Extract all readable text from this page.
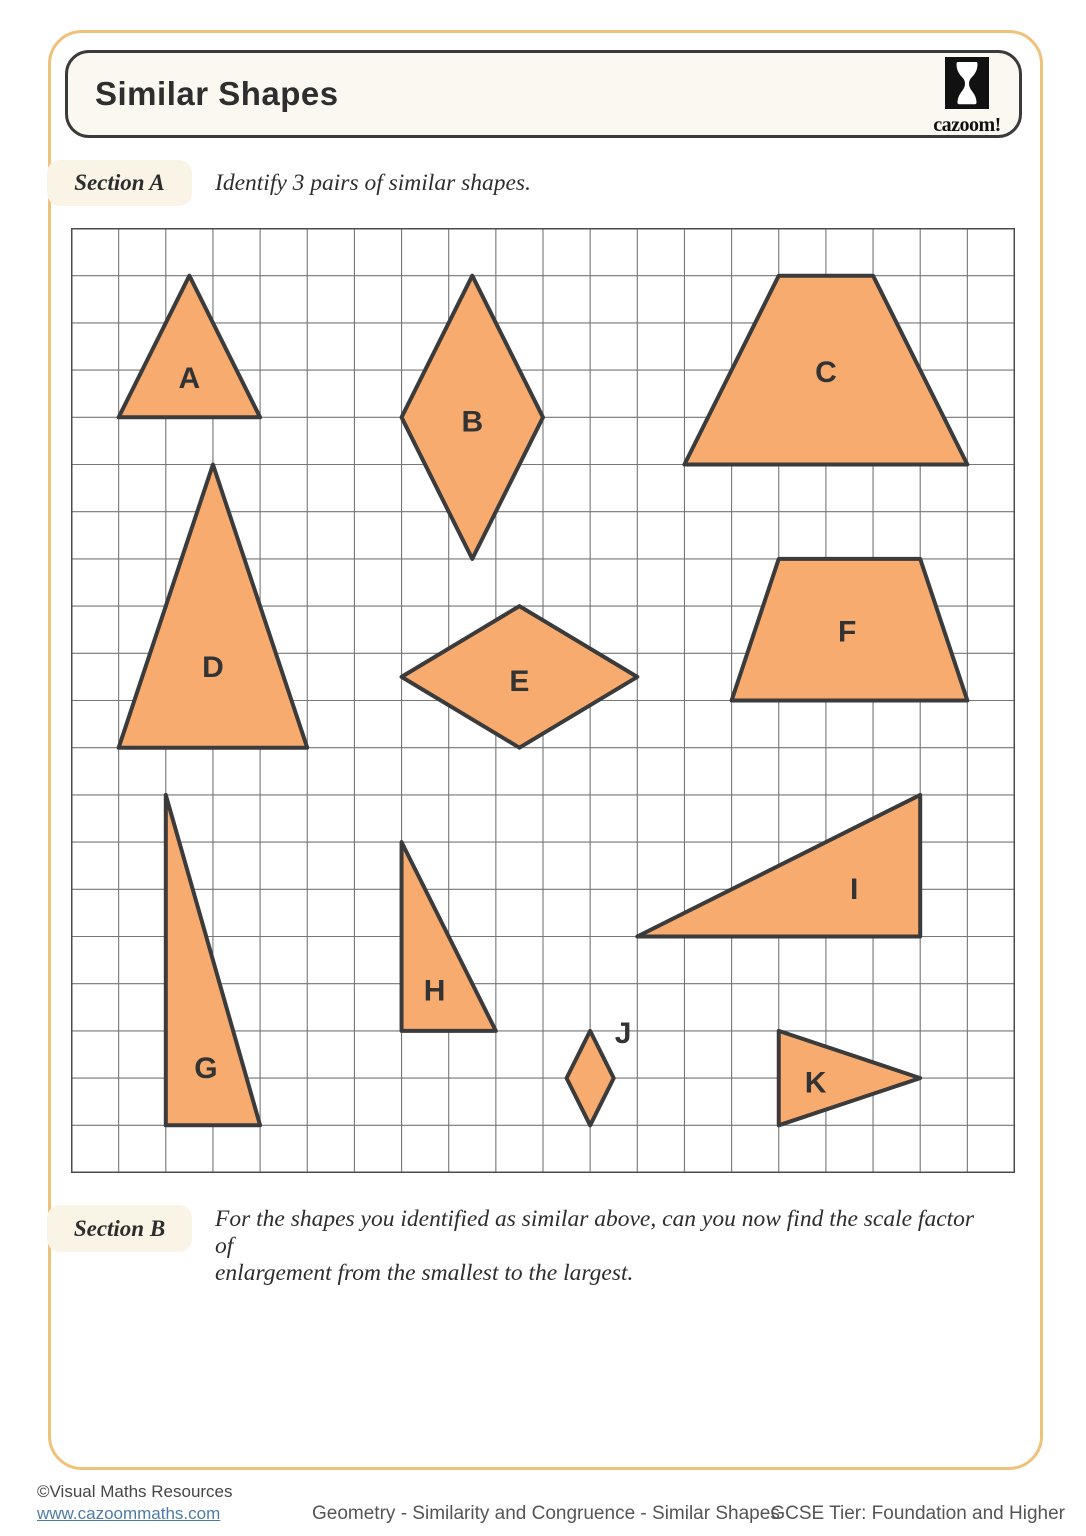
Similar Shapes
cazoom!
Section A Identify 3 pairs of similar shapes.
A
B
C
D	E
F
G
H
I
J
K
Section B For the shapes you identified as similar above, can you now find the scale factor of
enlargement from the smallest to the largest.
©Visual Maths Resources
www.cazoommaths.com	Geometry - Similarity and Congruence - Similar Shapes
GCSE Tier: Foundation and Higher
